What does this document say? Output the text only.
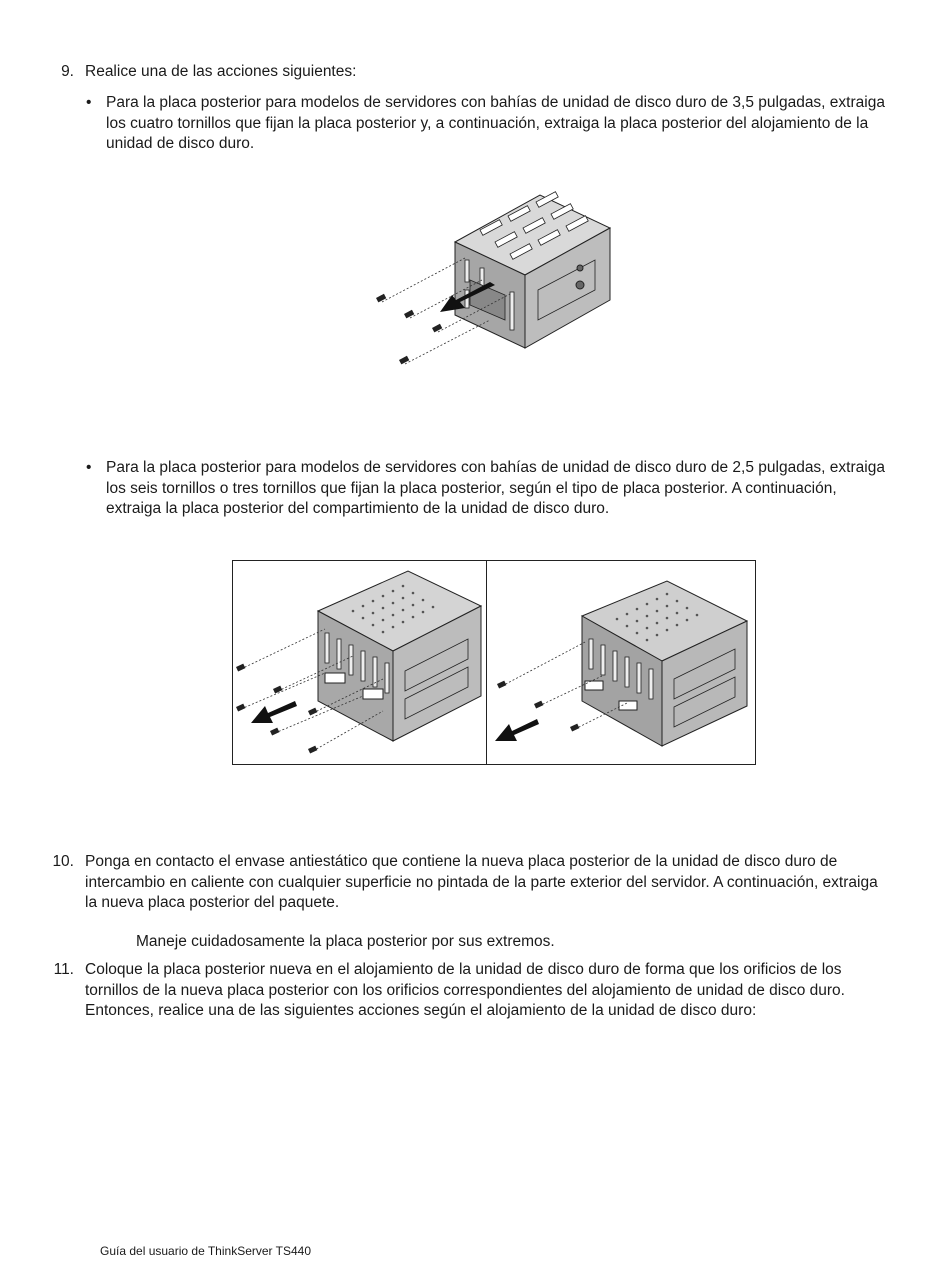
9. Realice una de las acciones siguientes:
• Para la placa posterior para modelos de servidores con bahías de unidad de disco duro de 3,5 pulgadas, extraiga los cuatro tornillos que fijan la placa posterior y, a continuación, extraiga la placa posterior del alojamiento de la unidad de disco duro.
• Para la placa posterior para modelos de servidores con bahías de unidad de disco duro de 2,5 pulgadas, extraiga los seis tornillos o tres tornillos que fijan la placa posterior, según el tipo de placa posterior. A continuación, extraiga la placa posterior del compartimiento de la unidad de disco duro.
10. Ponga en contacto el envase antiestático que contiene la nueva placa posterior de la unidad de disco duro de intercambio en caliente con cualquier superficie no pintada de la parte exterior del servidor. A continuación, extraiga la nueva placa posterior del paquete.
Maneje cuidadosamente la placa posterior por sus extremos.
11. Coloque la placa posterior nueva en el alojamiento de la unidad de disco duro de forma que los orificios de los tornillos de la nueva placa posterior con los orificios correspondientes del alojamiento de unidad de disco duro. Entonces, realice una de las siguientes acciones según el alojamiento de la unidad de disco duro:
Guía del usuario de ThinkServer TS440
